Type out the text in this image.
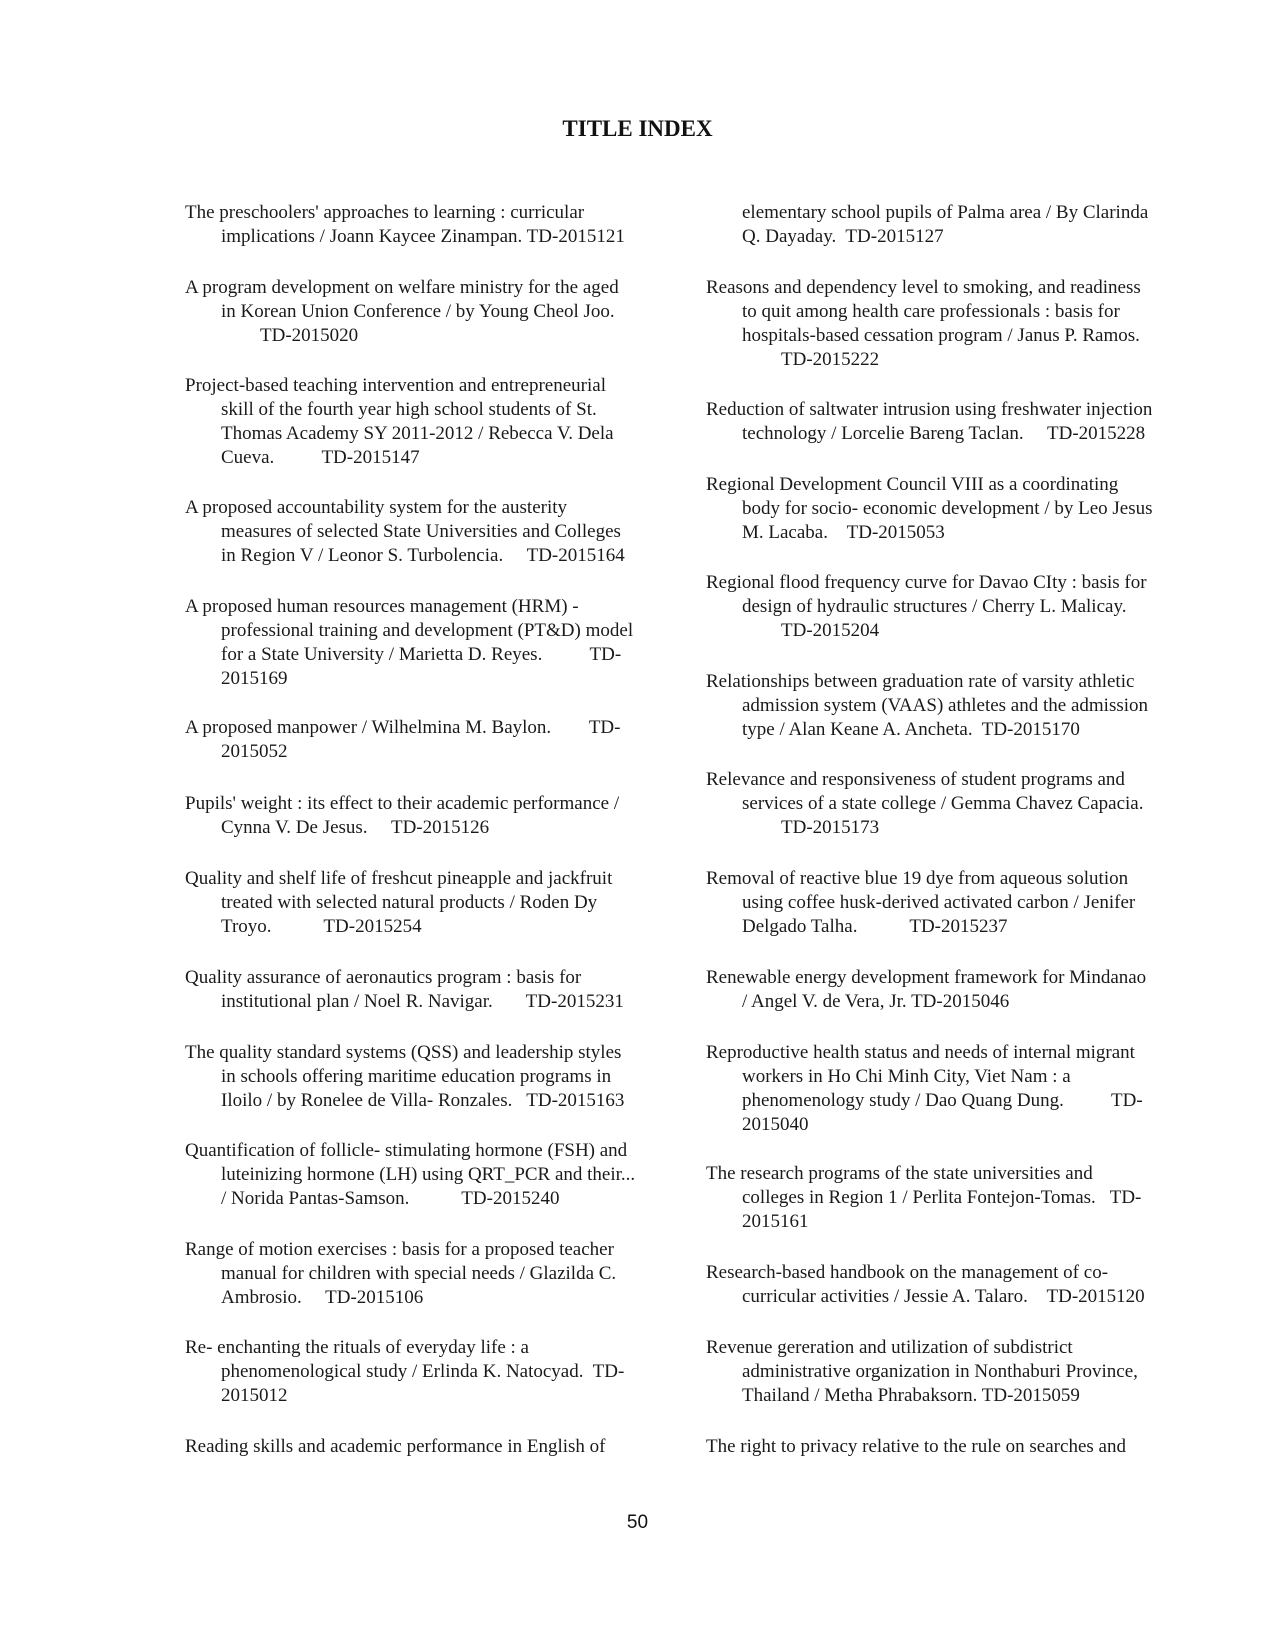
TITLE INDEX
The preschoolers' approaches to learning : curricular
implications / Joann Kaycee Zinampan. TD-2015121
A program development on welfare ministry for the aged
in Korean Union Conference / by Young Cheol Joo.
TD-2015020
Project-based teaching intervention and entrepreneurial
skill of the fourth year high school students of St.
Thomas Academy SY 2011-2012 / Rebecca V. Dela
Cueva.          TD-2015147
A proposed accountability system for the austerity
measures of selected State Universities and Colleges
in Region V / Leonor S. Turbolencia.     TD-2015164
A proposed human resources management (HRM) -
professional training and development (PT&D) model
for a State University / Marietta D. Reyes.          TD-
2015169
A proposed manpower / Wilhelmina M. Baylon.        TD-
2015052
Pupils' weight : its effect to their academic performance /
Cynna V. De Jesus.     TD-2015126
Quality and shelf life of freshcut pineapple and jackfruit
treated with selected natural products / Roden Dy
Troyo.           TD-2015254
Quality assurance of aeronautics program : basis for
institutional plan / Noel R. Navigar.       TD-2015231
The quality standard systems (QSS) and leadership styles
in schools offering maritime education programs in
Iloilo / by Ronelee de Villa- Ronzales.   TD-2015163
Quantification of follicle- stimulating hormone (FSH) and
luteinizing hormone (LH) using QRT_PCR and their...
/ Norida Pantas-Samson.           TD-2015240
Range of motion exercises : basis for a proposed teacher
manual for children with special needs / Glazilda C.
Ambrosio.     TD-2015106
Re- enchanting the rituals of everyday life : a
phenomenological study / Erlinda K. Natocyad.  TD-
2015012
Reading skills and academic performance in English of
elementary school pupils of Palma area / By Clarinda
Q. Dayaday.  TD-2015127
Reasons and dependency level to smoking, and readiness
to quit among health care professionals : basis for
hospitals-based cessation program / Janus P. Ramos.
TD-2015222
Reduction of saltwater intrusion using freshwater injection
technology / Lorcelie Bareng Taclan.     TD-2015228
Regional Development Council VIII as a coordinating
body for socio- economic development / by Leo Jesus
M. Lacaba.    TD-2015053
Regional flood frequency curve for Davao CIty : basis for
design of hydraulic structures / Cherry L. Malicay.
TD-2015204
Relationships between graduation rate of varsity athletic
admission system (VAAS) athletes and the admission
type / Alan Keane A. Ancheta.  TD-2015170
Relevance and responsiveness of student programs and
services of a state college / Gemma Chavez Capacia.
TD-2015173
Removal of reactive blue 19 dye from aqueous solution
using coffee husk-derived activated carbon / Jenifer
Delgado Talha.           TD-2015237
Renewable energy development framework for Mindanao
/ Angel V. de Vera, Jr. TD-2015046
Reproductive health status and needs of internal migrant
workers in Ho Chi Minh City, Viet Nam : a
phenomenology study / Dao Quang Dung.          TD-
2015040
The research programs of the state universities and
colleges in Region 1 / Perlita Fontejon-Tomas.   TD-
2015161
Research-based handbook on the management of co-
curricular activities / Jessie A. Talaro.    TD-2015120
Revenue gereration and utilization of subdistrict
administrative organization in Nonthaburi Province,
Thailand / Metha Phrabaksorn. TD-2015059
The right to privacy relative to the rule on searches and
50
